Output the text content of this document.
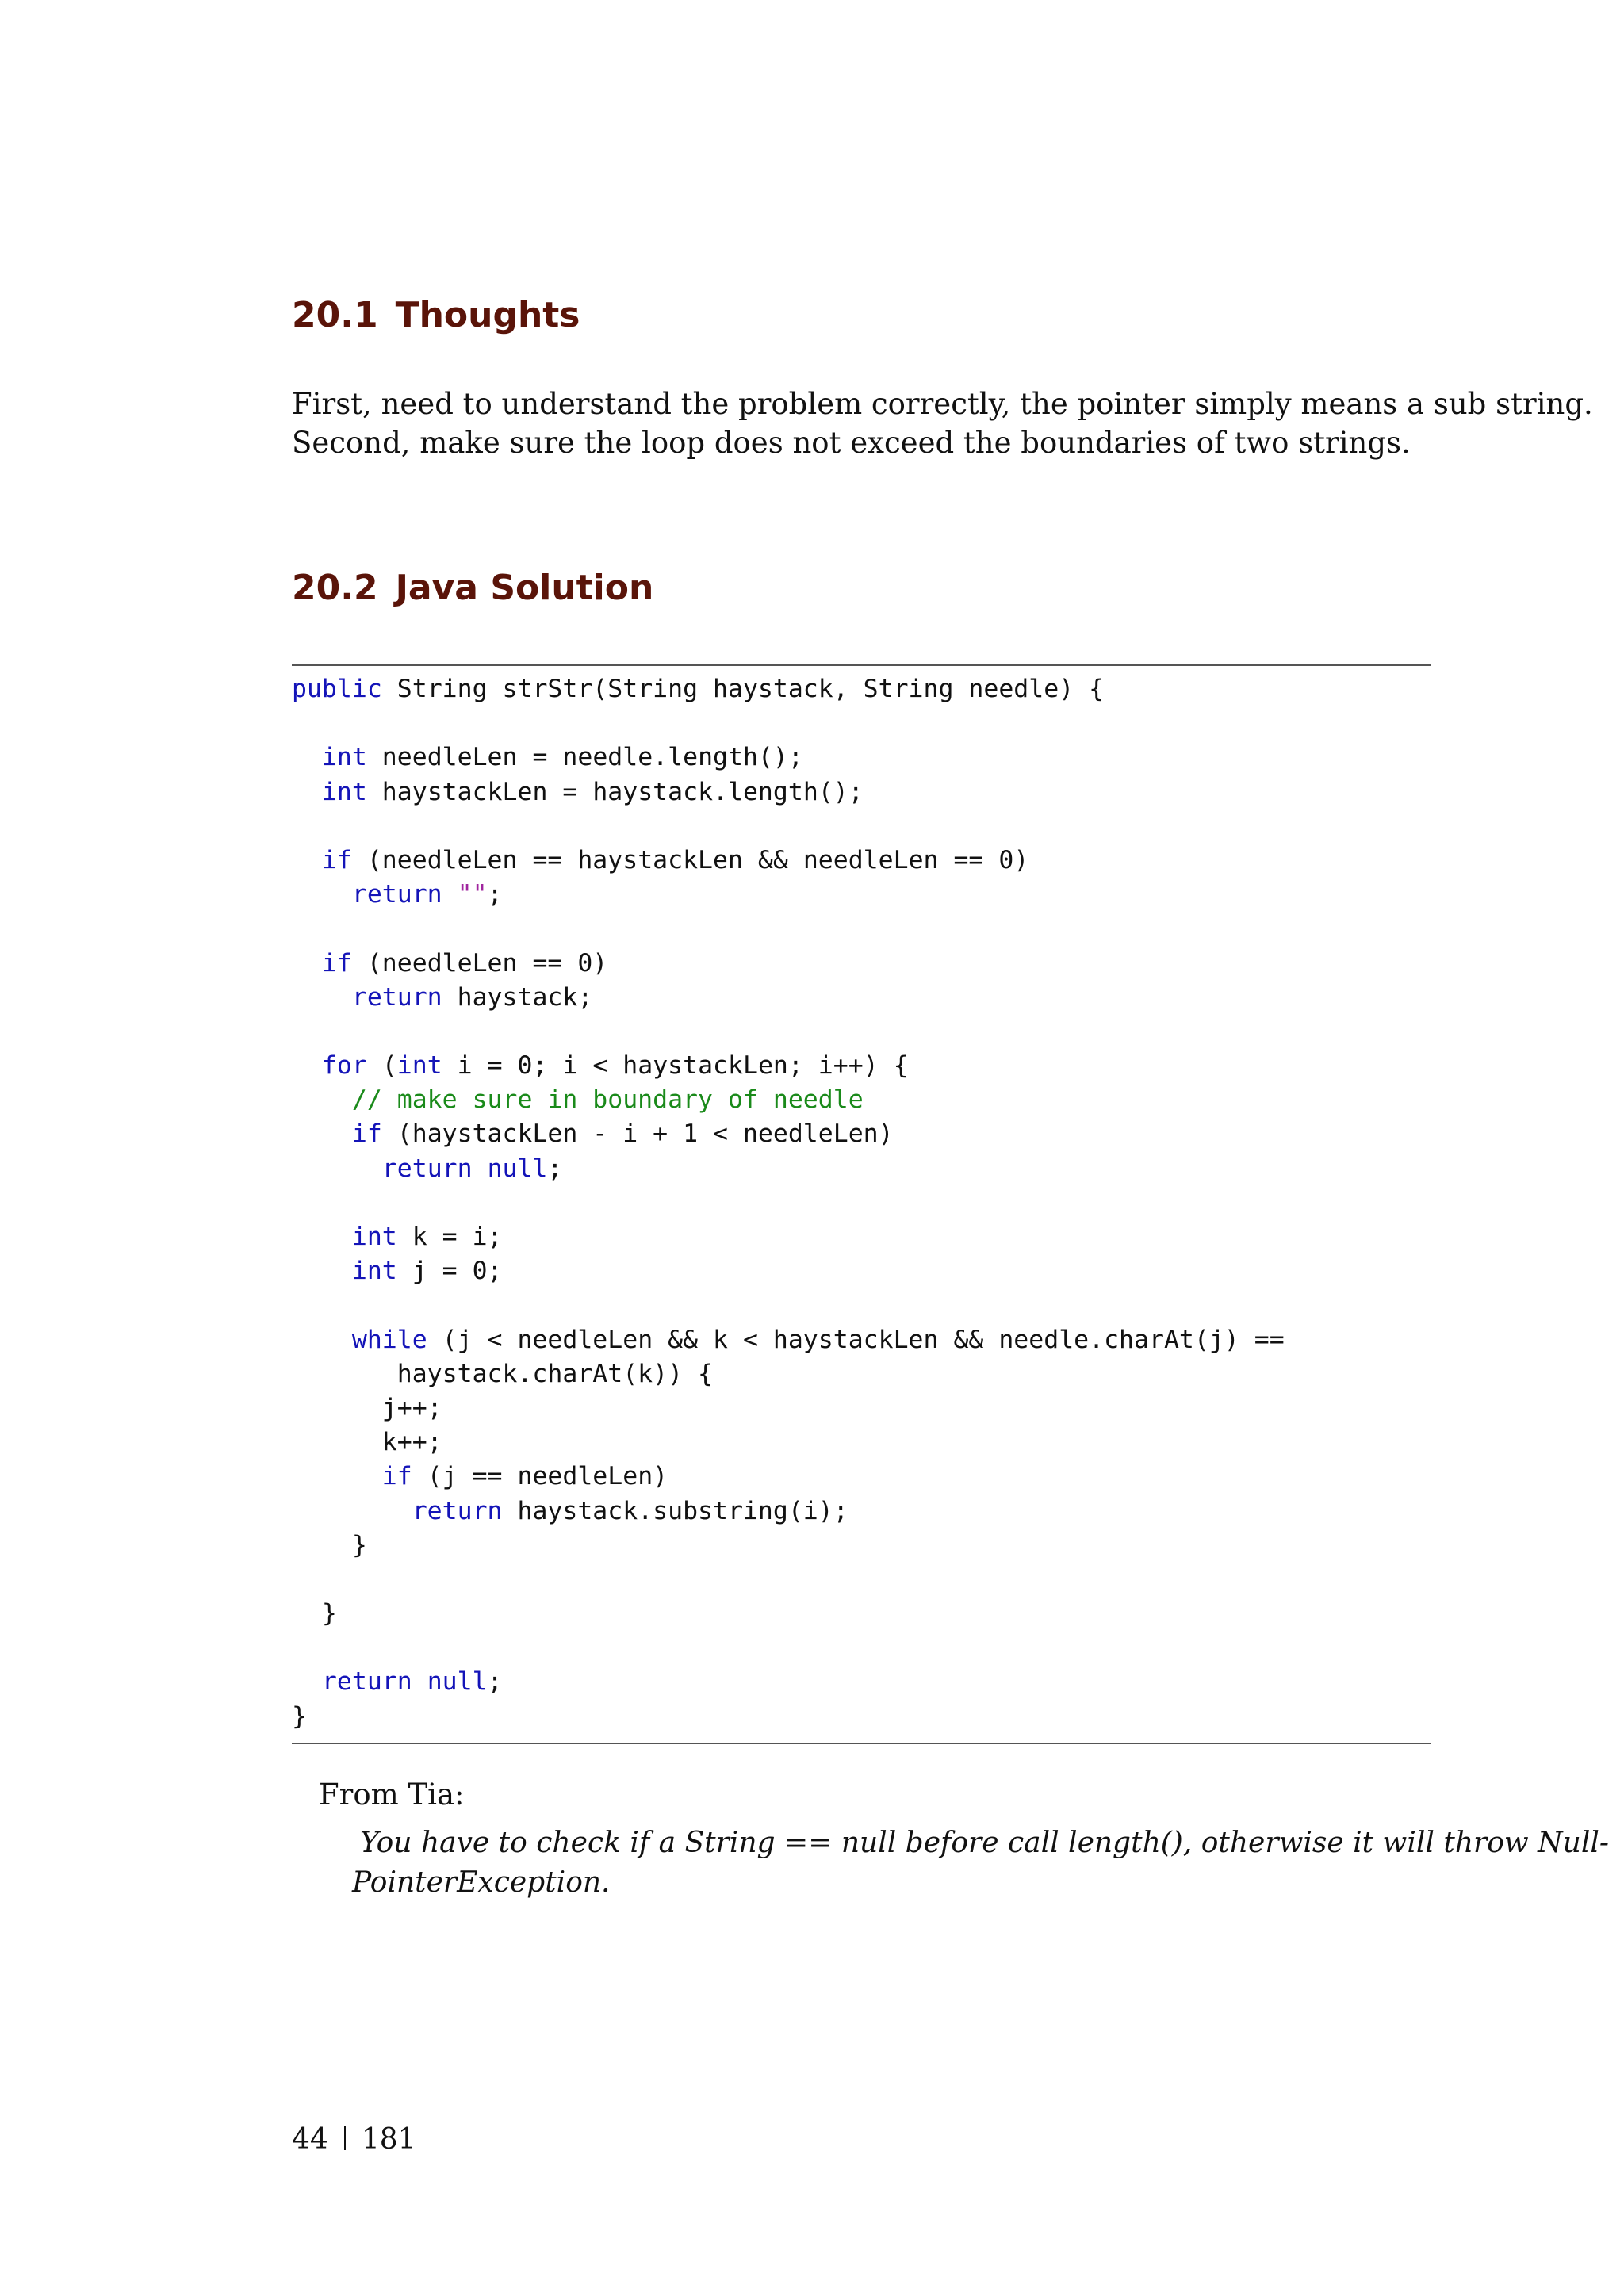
20.1 Thoughts

First, need to understand the problem correctly, the pointer simply means a sub string.
Second, make sure the loop does not exceed the boundaries of two strings.

20.2 Java Solution
public String strStr(String haystack, String needle) {

int needleLen = needle.length();
int haystackLen = haystack.length();

if (needleLen == haystackLen && needleLen == 0)
return "";

if (needleLen == 0)
return haystack;

for (int i = 0; i < haystackLen; i++) {
// make sure in boundary of needle
if (haystackLen - i + 1 < needleLen)
return null;

int k = i;
int j = 0;

while (j < needleLen && k < haystackLen && needle.charAt(j) ==
haystack.charAt(k)) {
j++;
k++;
if (j == needleLen)
return haystack.substring(i);
}

}

return null;
}

From Tia:

You have to check if a String == null before call length(), otherwise it will throw Null-
PointerException.

44 181
